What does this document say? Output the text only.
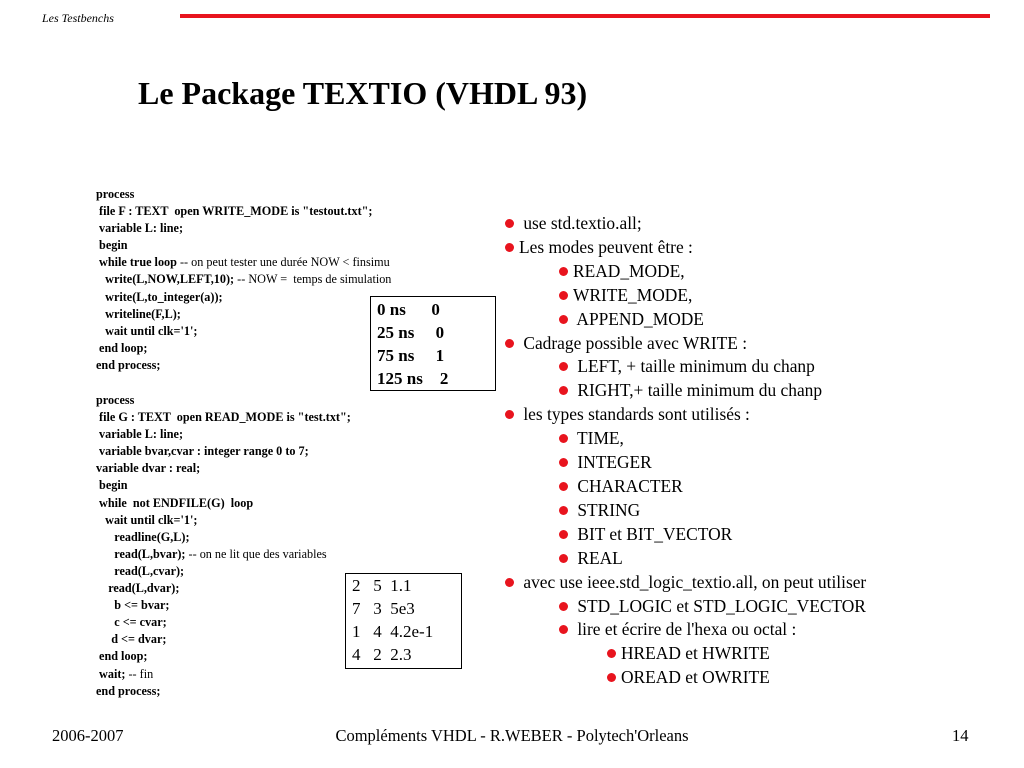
Les Testbenchs
Le Package TEXTIO (VHDL 93)
process
file F : TEXT  open WRITE_MODE is "testout.txt";
variable L: line;
begin
while true loop -- on peut tester une durée NOW < finsimu
write(L,NOW,LEFT,10); -- NOW =  temps de simulation
write(L,to_integer(a));
writeline(F,L);
wait until clk='1';
end loop;
end process;
process
file G : TEXT  open READ_MODE is "test.txt";
variable L: line;
variable bvar,cvar : integer range 0 to 7;
variable dvar : real;
begin
while  not ENDFILE(G)  loop
wait until clk='1';
readline(G,L);
read(L,bvar); -- on ne lit que des variables
read(L,cvar);
read(L,dvar);
b <= bvar;
c <= cvar;
d <= dvar;
end loop;
wait; -- fin
end process;
0 ns      0
25 ns     0
75 ns     1
125 ns    2
2   5  1.1
7   3  5e3
1   4  4.2e-1
4   2  2.3
use std.textio.all;
Les modes peuvent être :
READ_MODE,
WRITE_MODE,
APPEND_MODE
Cadrage possible avec WRITE :
LEFT, + taille minimum du chanp
RIGHT,+ taille minimum du chanp
les types standards sont utilisés :
TIME,
INTEGER
CHARACTER
STRING
BIT et BIT_VECTOR
REAL
avec use ieee.std_logic_textio.all, on peut utiliser
STD_LOGIC et STD_LOGIC_VECTOR
lire et écrire de l'hexa ou octal :
HREAD et HWRITE
OREAD et OWRITE
Compléments VHDL - R.WEBER - Polytech'Orleans
2006-2007	14
